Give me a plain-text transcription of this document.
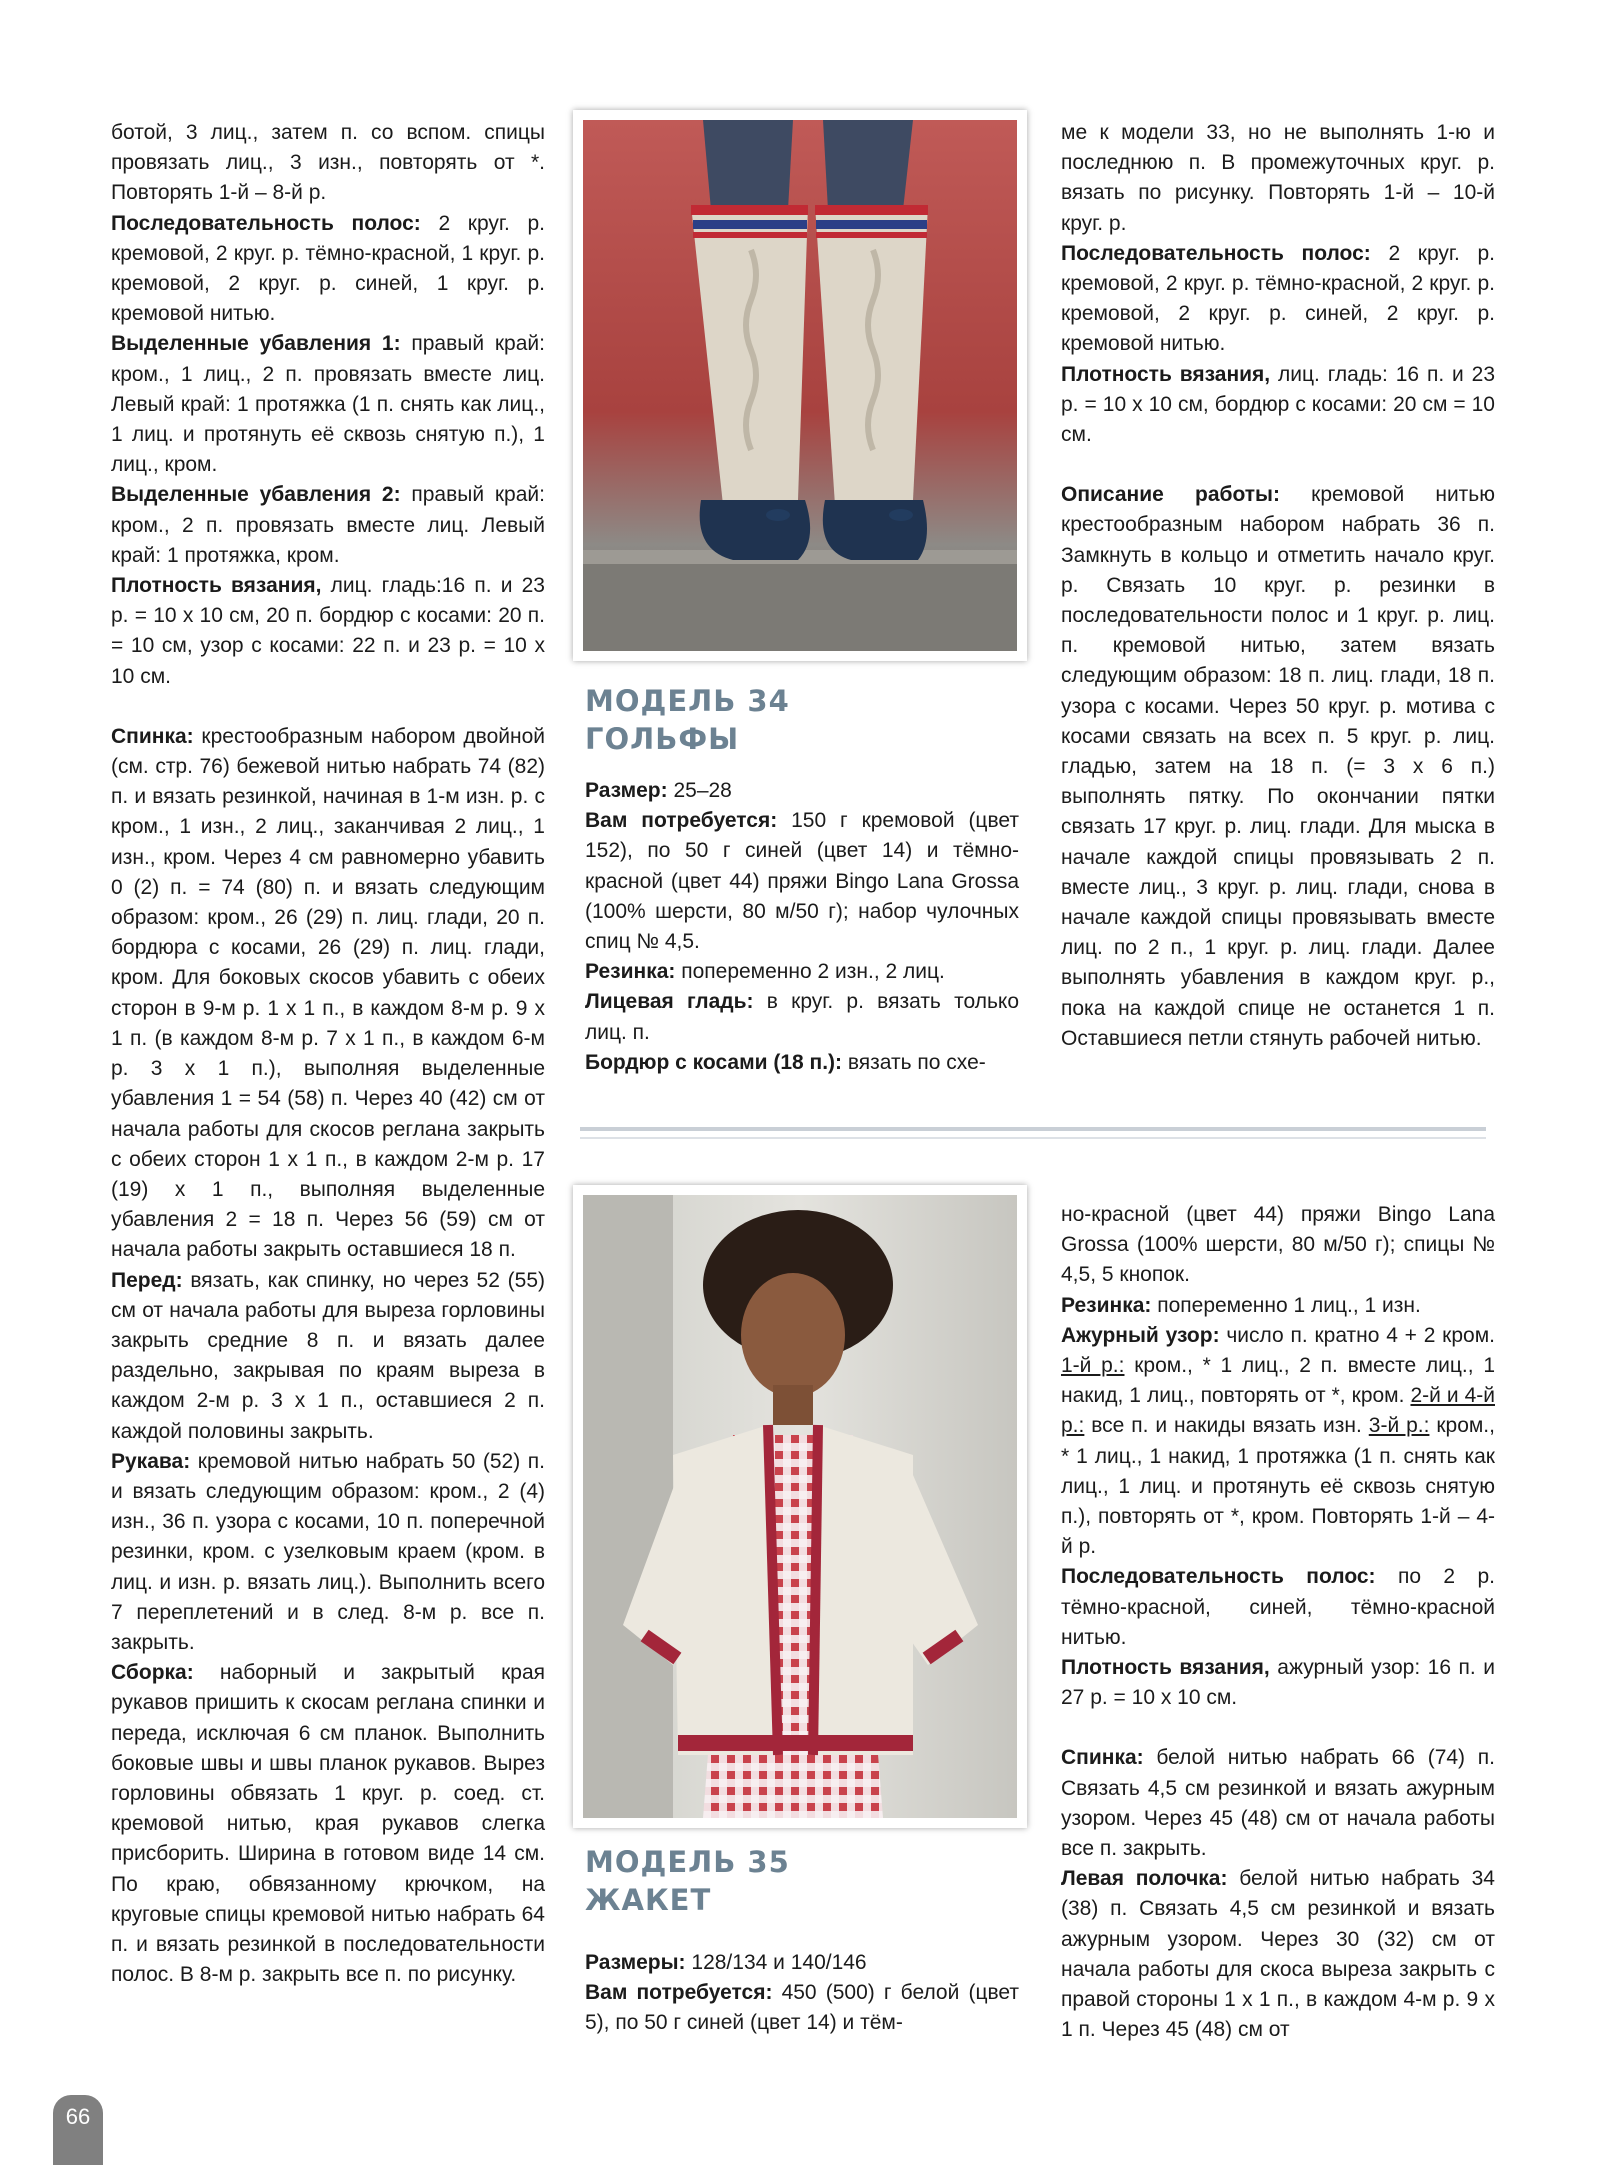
ботой, 3 лиц., затем п. со вспом. спицы провязать лиц., 3 изн., повторять от *. Повторять 1-й – 8-й р.

Последовательность полос: 2 круг. р. кремовой, 2 круг. р. тёмно-красной, 1 круг. р. кремовой, 2 круг. р. синей, 1 круг. р. кремовой нитью.

Выделенные убавления 1: правый край: кром., 1 лиц., 2 п. провязать вместе лиц. Левый край: 1 протяжка (1 п. снять как лиц., 1 лиц. и протянуть её сквозь снятую п.), 1 лиц., кром.

Выделенные убавления 2: правый край: кром., 2 п. провязать вместе лиц. Левый край: 1 протяжка, кром.

Плотность вязания, лиц. гладь:16 п. и 23 р. = 10 х 10 см, 20 п. бордюр с косами: 20 п. = 10 см, узор с косами: 22 п. и 23 р. = 10 х 10 см.

Спинка: крестообразным набором двойной (см. стр. 76) бежевой нитью набрать 74 (82) п. и вязать резинкой, начиная в 1-м изн. р. с кром., 1 изн., 2 лиц., заканчивая 2 лиц., 1 изн., кром. Через 4 см равномерно убавить 0 (2) п. = 74 (80) п. и вязать следующим образом: кром., 26 (29) п. лиц. глади, 20 п. бордюра с косами, 26 (29) п. лиц. глади, кром. Для боковых скосов убавить с обеих сторон в 9-м р. 1 х 1 п., в каждом 8-м р. 9 х 1 п. (в каждом 8-м р. 7 х 1 п., в каждом 6-м р. 3 х 1 п.), выполняя выделенные убавления 1 = 54 (58) п. Через 40 (42) см от начала работы для скосов реглана закрыть с обеих сторон 1 х 1 п., в каждом 2-м р. 17 (19) х 1 п., выполняя выделенные убавления 2 = 18 п. Через 56 (59) см от начала работы закрыть оставшиеся 18 п.

Перед: вязать, как спинку, но через 52 (55) см от начала работы для выреза горловины закрыть средние 8 п. и вязать далее раздельно, закрывая по краям выреза в каждом 2-м р. 3 х 1 п., оставшиеся 2 п. каждой половины закрыть.

Рукава: кремовой нитью набрать 50 (52) п. и вязать следующим образом: кром., 2 (4) изн., 36 п. узора с косами, 10 п. поперечной резинки, кром. с узелковым краем (кром. в лиц. и изн. р. вязать лиц.). Выполнить всего 7 переплетений и в след. 8-м р. все п. закрыть.

Сборка: наборный и закрытый края рукавов пришить к скосам реглана спинки и переда, исключая 6 см планок. Выполнить боковые швы и швы планок рукавов. Вырез горловины обвязать 1 круг. р. соед. ст. кремовой нитью, края рукавов слегка присборить. Ширина в готовом виде 14 см. По краю, обвязанному крючком, на круговые спицы кремовой нитью набрать 64 п. и вязать резинкой в последовательности полос. В 8-м р. закрыть все п. по рисунку.

МОДЕЛЬ 34
ГОЛЬФЫ

Размер: 25–28

Вам потребуется: 150 г кремовой (цвет 152), по 50 г синей (цвет 14) и тёмно-красной (цвет 44) пряжи Bingo Lana Grossa (100% шерсти, 80 м/50 г); набор чулочных спиц № 4,5.

Резинка: попеременно 2 изн., 2 лиц.

Лицевая гладь: в круг. р. вязать только лиц. п.

Бордюр с косами (18 п.): вязать по схе-

ме к модели 33, но не выполнять 1-ю и последнюю п. В промежуточных круг. р. вязать по рисунку. Повторять 1-й – 10-й круг. р.

Последовательность полос: 2 круг. р. кремовой, 2 круг. р. тёмно-красной, 2 круг. р. кремовой, 2 круг. р. синей, 2 круг. р. кремовой нитью.

Плотность вязания, лиц. гладь: 16 п. и 23 р. = 10 х 10 см, бордюр с косами: 20 см = 10 см.

Описание работы: кремовой нитью крестообразным набором набрать 36 п. Замкнуть в кольцо и отметить начало круг. р. Связать 10 круг. р. резинки в последовательности полос и 1 круг. р. лиц. п. кремовой нитью, затем вязать следующим образом: 18 п. лиц. глади, 18 п. узора с косами. Через 50 круг. р. мотива с косами связать на всех п. 5 круг. р. лиц. гладью, затем на 18 п. (= 3 х 6 п.) выполнять пятку. По окончании пятки связать 17 круг. р. лиц. глади. Для мыска в начале каждой спицы провязывать 2 п. вместе лиц., 3 круг. р. лиц. глади, снова в начале каждой спицы провязывать вместе лиц. по 2 п., 1 круг. р. лиц. глади. Далее выполнять убавления в каждом круг. р., пока на каждой спице не останется 1 п. Оставшиеся петли стянуть рабочей нитью.

МОДЕЛЬ 35
ЖАКЕТ

Размеры: 128/134 и 140/146

Вам потребуется: 450 (500) г белой (цвет 5), по 50 г синей (цвет 14) и тём-

но-красной (цвет 44) пряжи Bingo Lana Grossa (100% шерсти, 80 м/50 г); спицы № 4,5, 5 кнопок.

Резинка: попеременно 1 лиц., 1 изн.

Ажурный узор: число п. кратно 4 + 2 кром. 1-й р.: кром., * 1 лиц., 2 п. вместе лиц., 1 накид, 1 лиц., повторять от *, кром. 2-й и 4-й р.: все п. и накиды вязать изн. 3-й р.: кром., * 1 лиц., 1 накид, 1 протяжка (1 п. снять как лиц., 1 лиц. и протянуть её сквозь снятую п.), повторять от *, кром. Повторять 1-й – 4-й р.

Последовательность полос: по 2 р. тёмно-красной, синей, тёмно-красной нитью.

Плотность вязания, ажурный узор: 16 п. и 27 р. = 10 х 10 см.

Спинка: белой нитью набрать 66 (74) п. Связать 4,5 см резинкой и вязать ажурным узором. Через 45 (48) см от начала работы все п. закрыть.

Левая полочка: белой нитью набрать 34 (38) п. Связать 4,5 см резинкой и вязать ажурным узором. Через 30 (32) см от начала работы для скоса выреза закрыть с правой стороны 1 х 1 п., в каждом 4-м р. 9 х 1 п. Через 45 (48) см от

66
